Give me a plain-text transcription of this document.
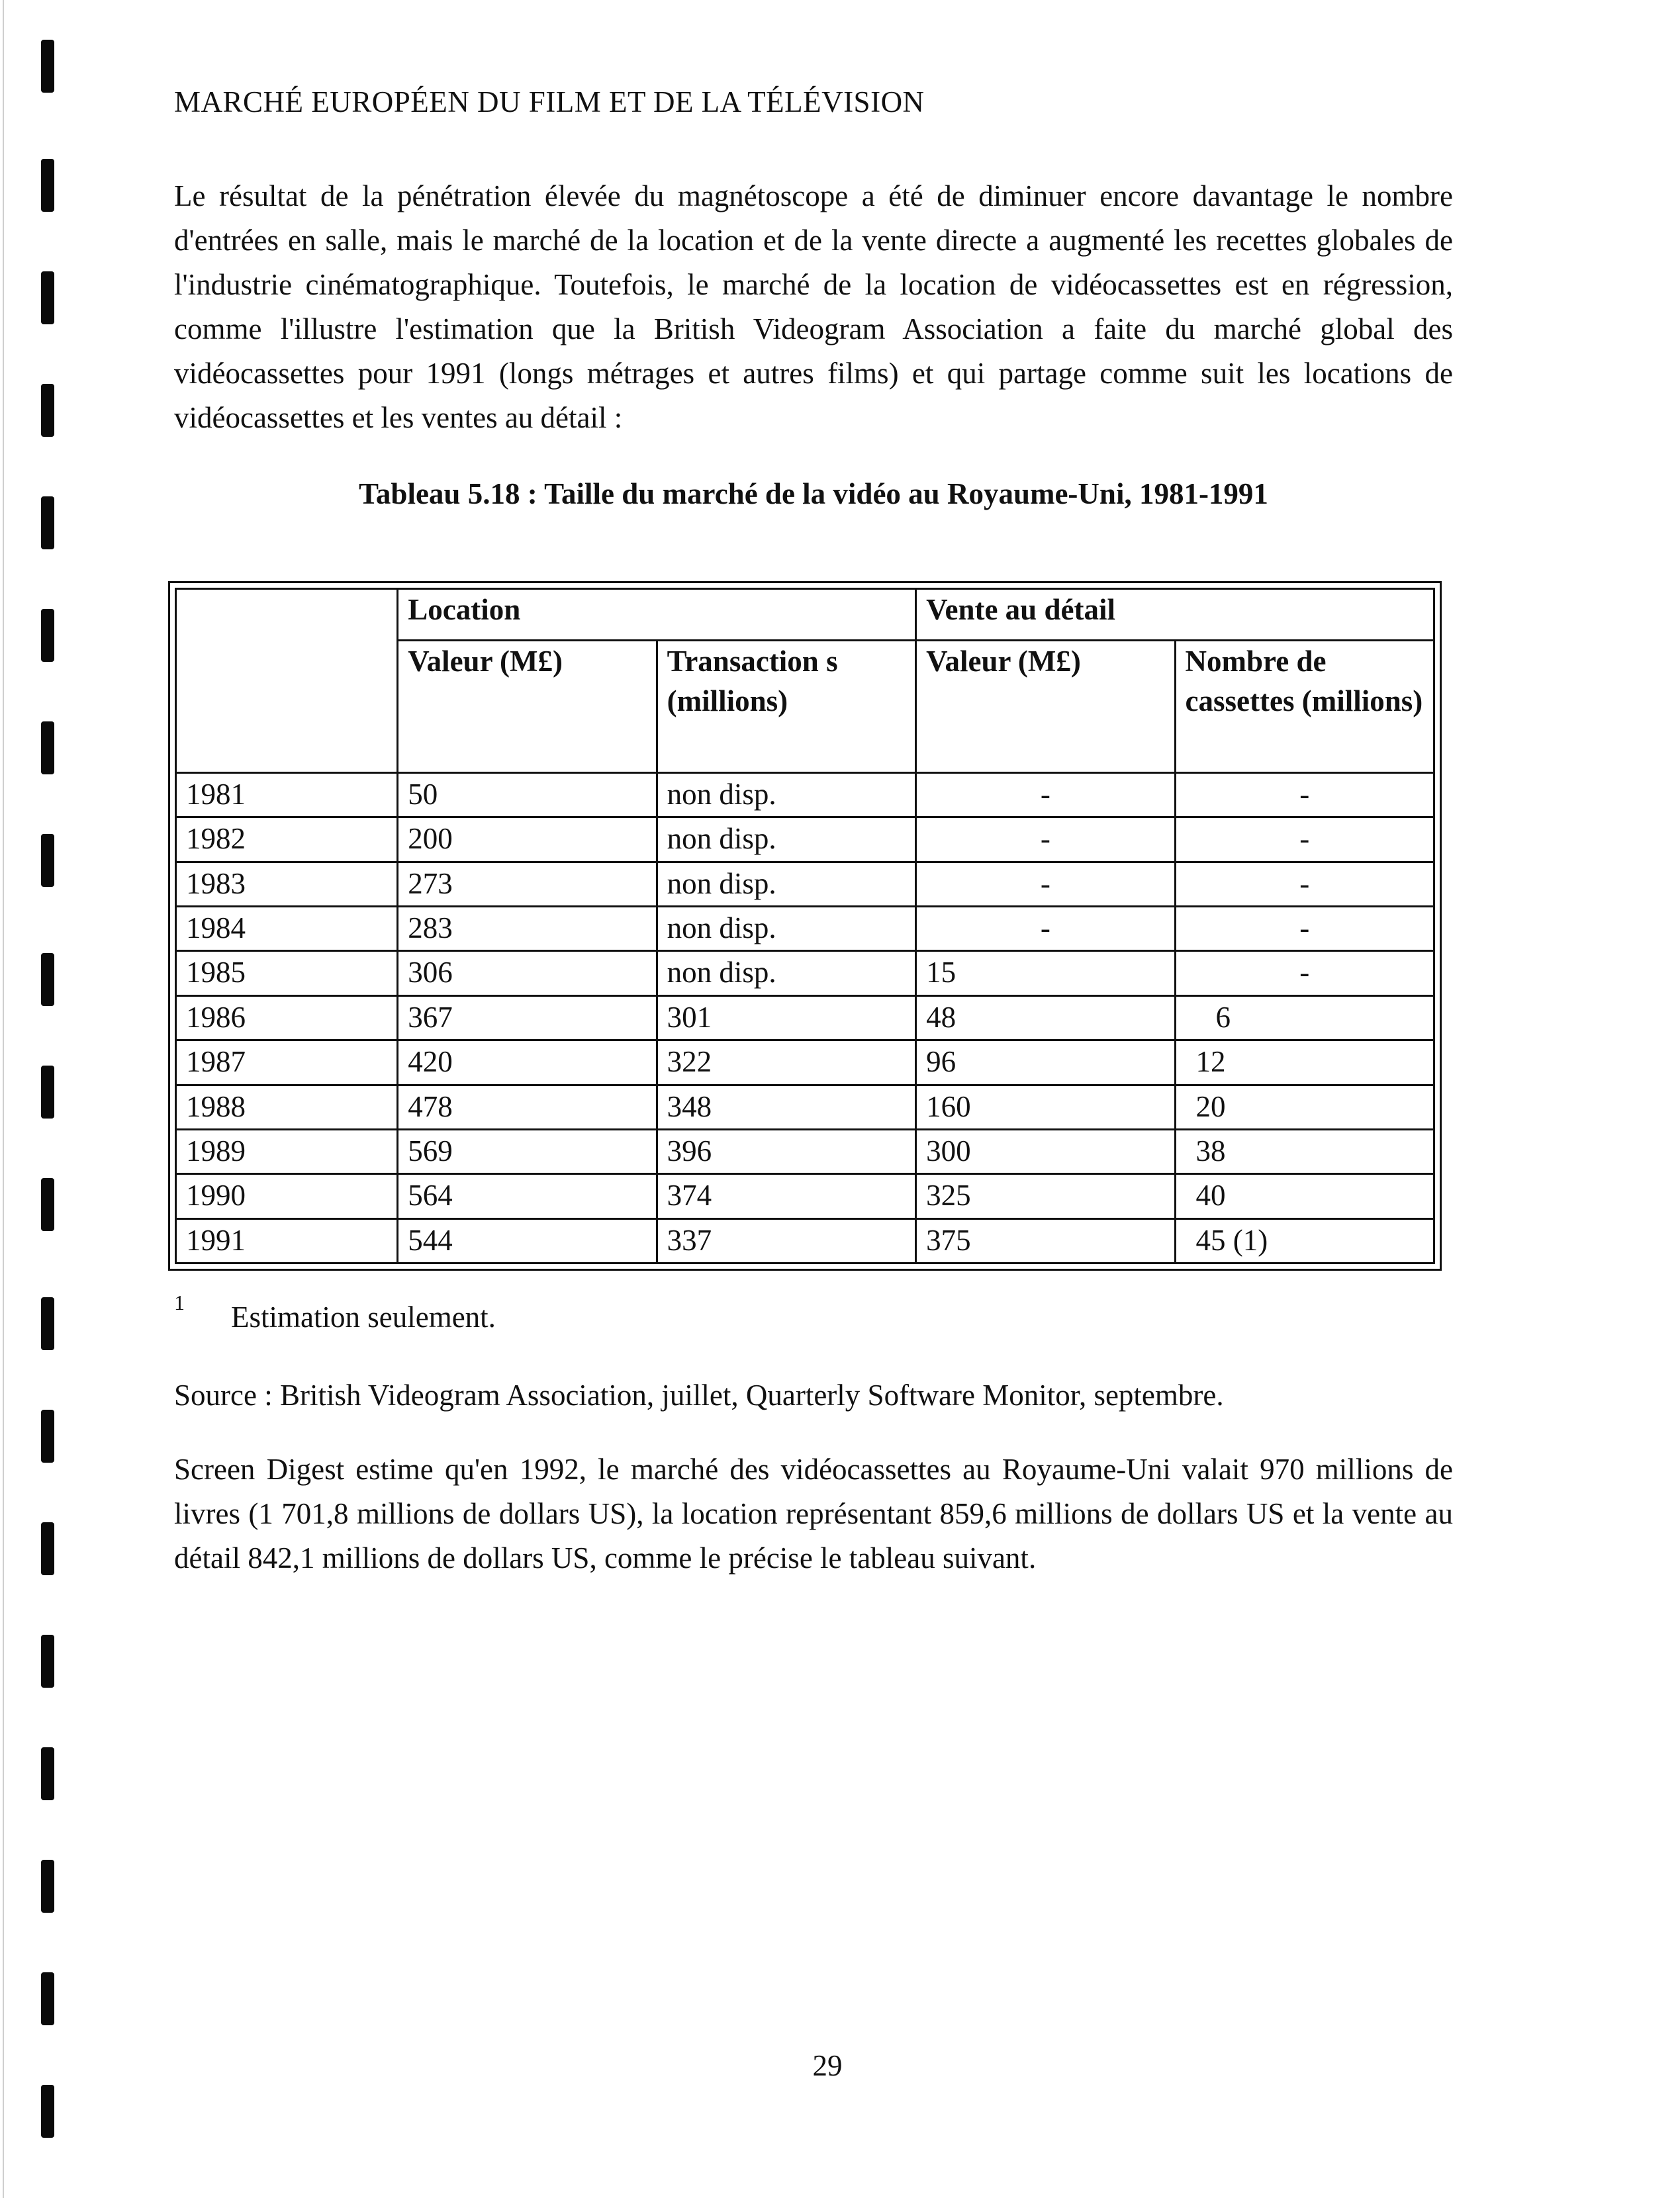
MARCHÉ EUROPÉEN DU FILM ET DE LA TÉLÉVISION

Le résultat de la pénétration élevée du magnétoscope a été de diminuer encore davantage le nombre d'entrées en salle, mais le marché de la location et de la vente directe a augmenté les recettes globales de l'industrie cinématographique. Toutefois, le marché de la location de vidéocassettes est en régression, comme l'illustre l'estimation que la British Videogram Association a faite du marché global des vidéocassettes pour 1991 (longs métrages et autres films) et qui partage comme suit les locations de vidéocassettes et les ventes au détail :

Tableau 5.18 : Taille du marché de la vidéo au Royaume-Uni, 1981-1991
	Location		Vente au détail	
	Valeur (M£)	Transaction s (millions)	Valeur (M£)	Nombre de cassettes (millions)
1981	50	non disp.	-	-
1982	200	non disp.	-	-
1983	273	non disp.	-	-
1984	283	non disp.	-	-
1985	306	non disp.	15	-
1986	367	301	48	6
1987	420	322	96	12
1988	478	348	160	20
1989	569	396	300	38
1990	564	374	325	40
1991	544	337	375	45 (1)
$^1$ Estimation seulement.
Source : British Videogram Association, juillet, Quarterly Software Monitor, septembre.

Screen Digest estime qu'en 1992, le marché des vidéocassettes au Royaume-Uni valait 970 millions de livres (1 701,8 millions de dollars US), la location représentant 859,6 millions de dollars US et la vente au détail 842,1 millions de dollars US, comme le précise le tableau suivant.

29
